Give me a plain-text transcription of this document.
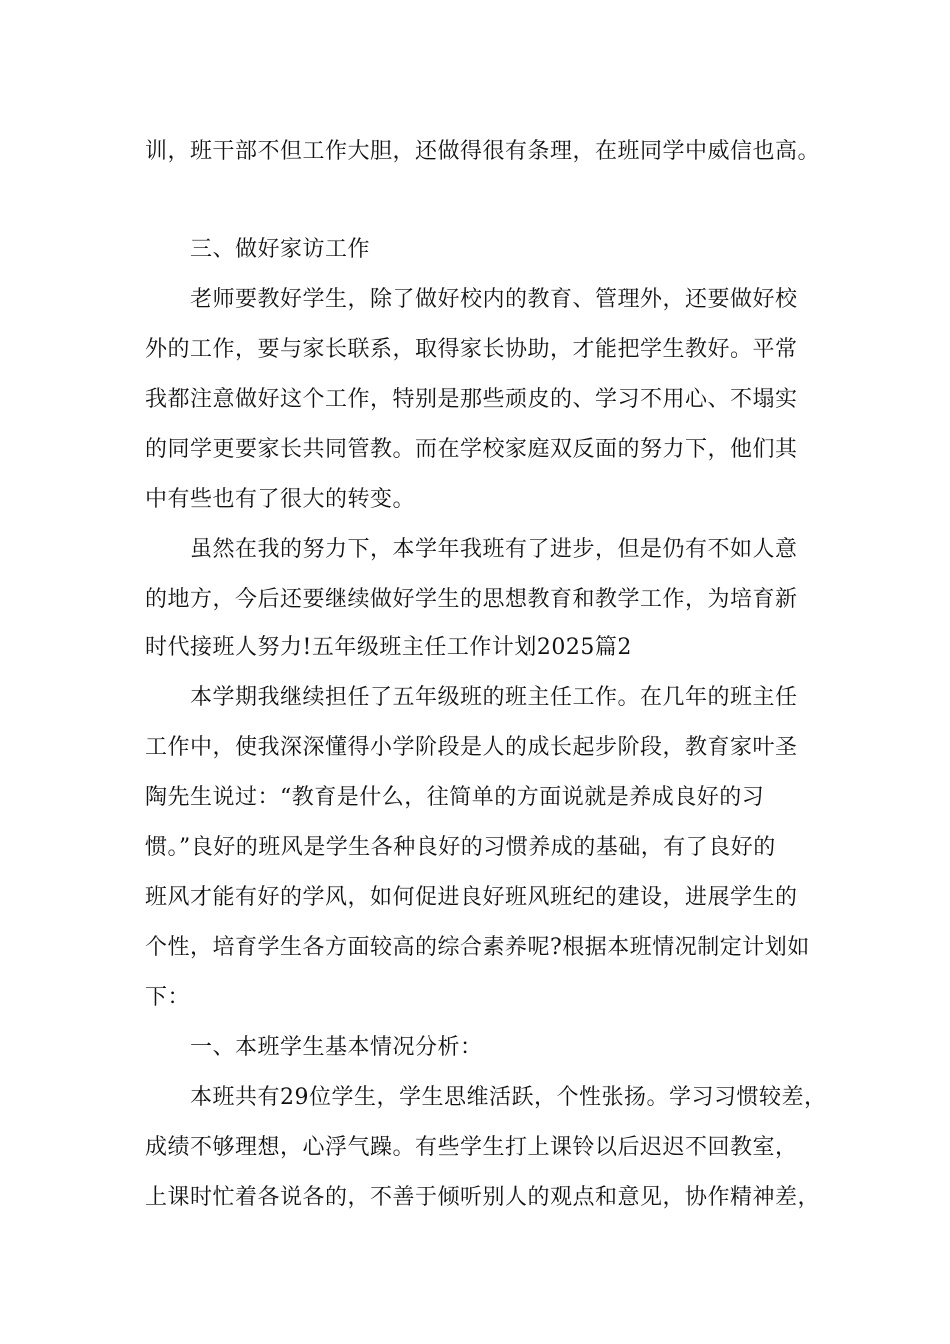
训，班干部不但工作大胆，还做得很有条理，在班同学中威信也高。
三、做好家访工作
老师要教好学生，除了做好校内的教育、管理外，还要做好校
外的工作，要与家长联系，取得家长协助，才能把学生教好。平常
我都注意做好这个工作，特别是那些顽皮的、学习不用心、不塌实
的同学更要家长共同管教。而在学校家庭双反面的努力下，他们其
中有些也有了很大的转变。
虽然在我的努力下，本学年我班有了进步，但是仍有不如人意
的地方，今后还要继续做好学生的思想教育和教学工作，为培育新
时代接班人努力!五年级班主任工作计划2025篇2
本学期我继续担任了五年级班的班主任工作。在几年的班主任
工作中，使我深深懂得小学阶段是人的成长起步阶段，教育家叶圣
陶先生说过：“教育是什么，往简单的方面说就是养成良好的习
惯。”良好的班风是学生各种良好的习惯养成的基础，有了良好的
班风才能有好的学风，如何促进良好班风班纪的建设，进展学生的
个性，培育学生各方面较高的综合素养呢?根据本班情况制定计划如
下：
一、本班学生基本情况分析：
本班共有29位学生，学生思维活跃，个性张扬。学习习惯较差，
成绩不够理想，心浮气躁。有些学生打上课铃以后迟迟不回教室，
上课时忙着各说各的，不善于倾听别人的观点和意见，协作精神差，
